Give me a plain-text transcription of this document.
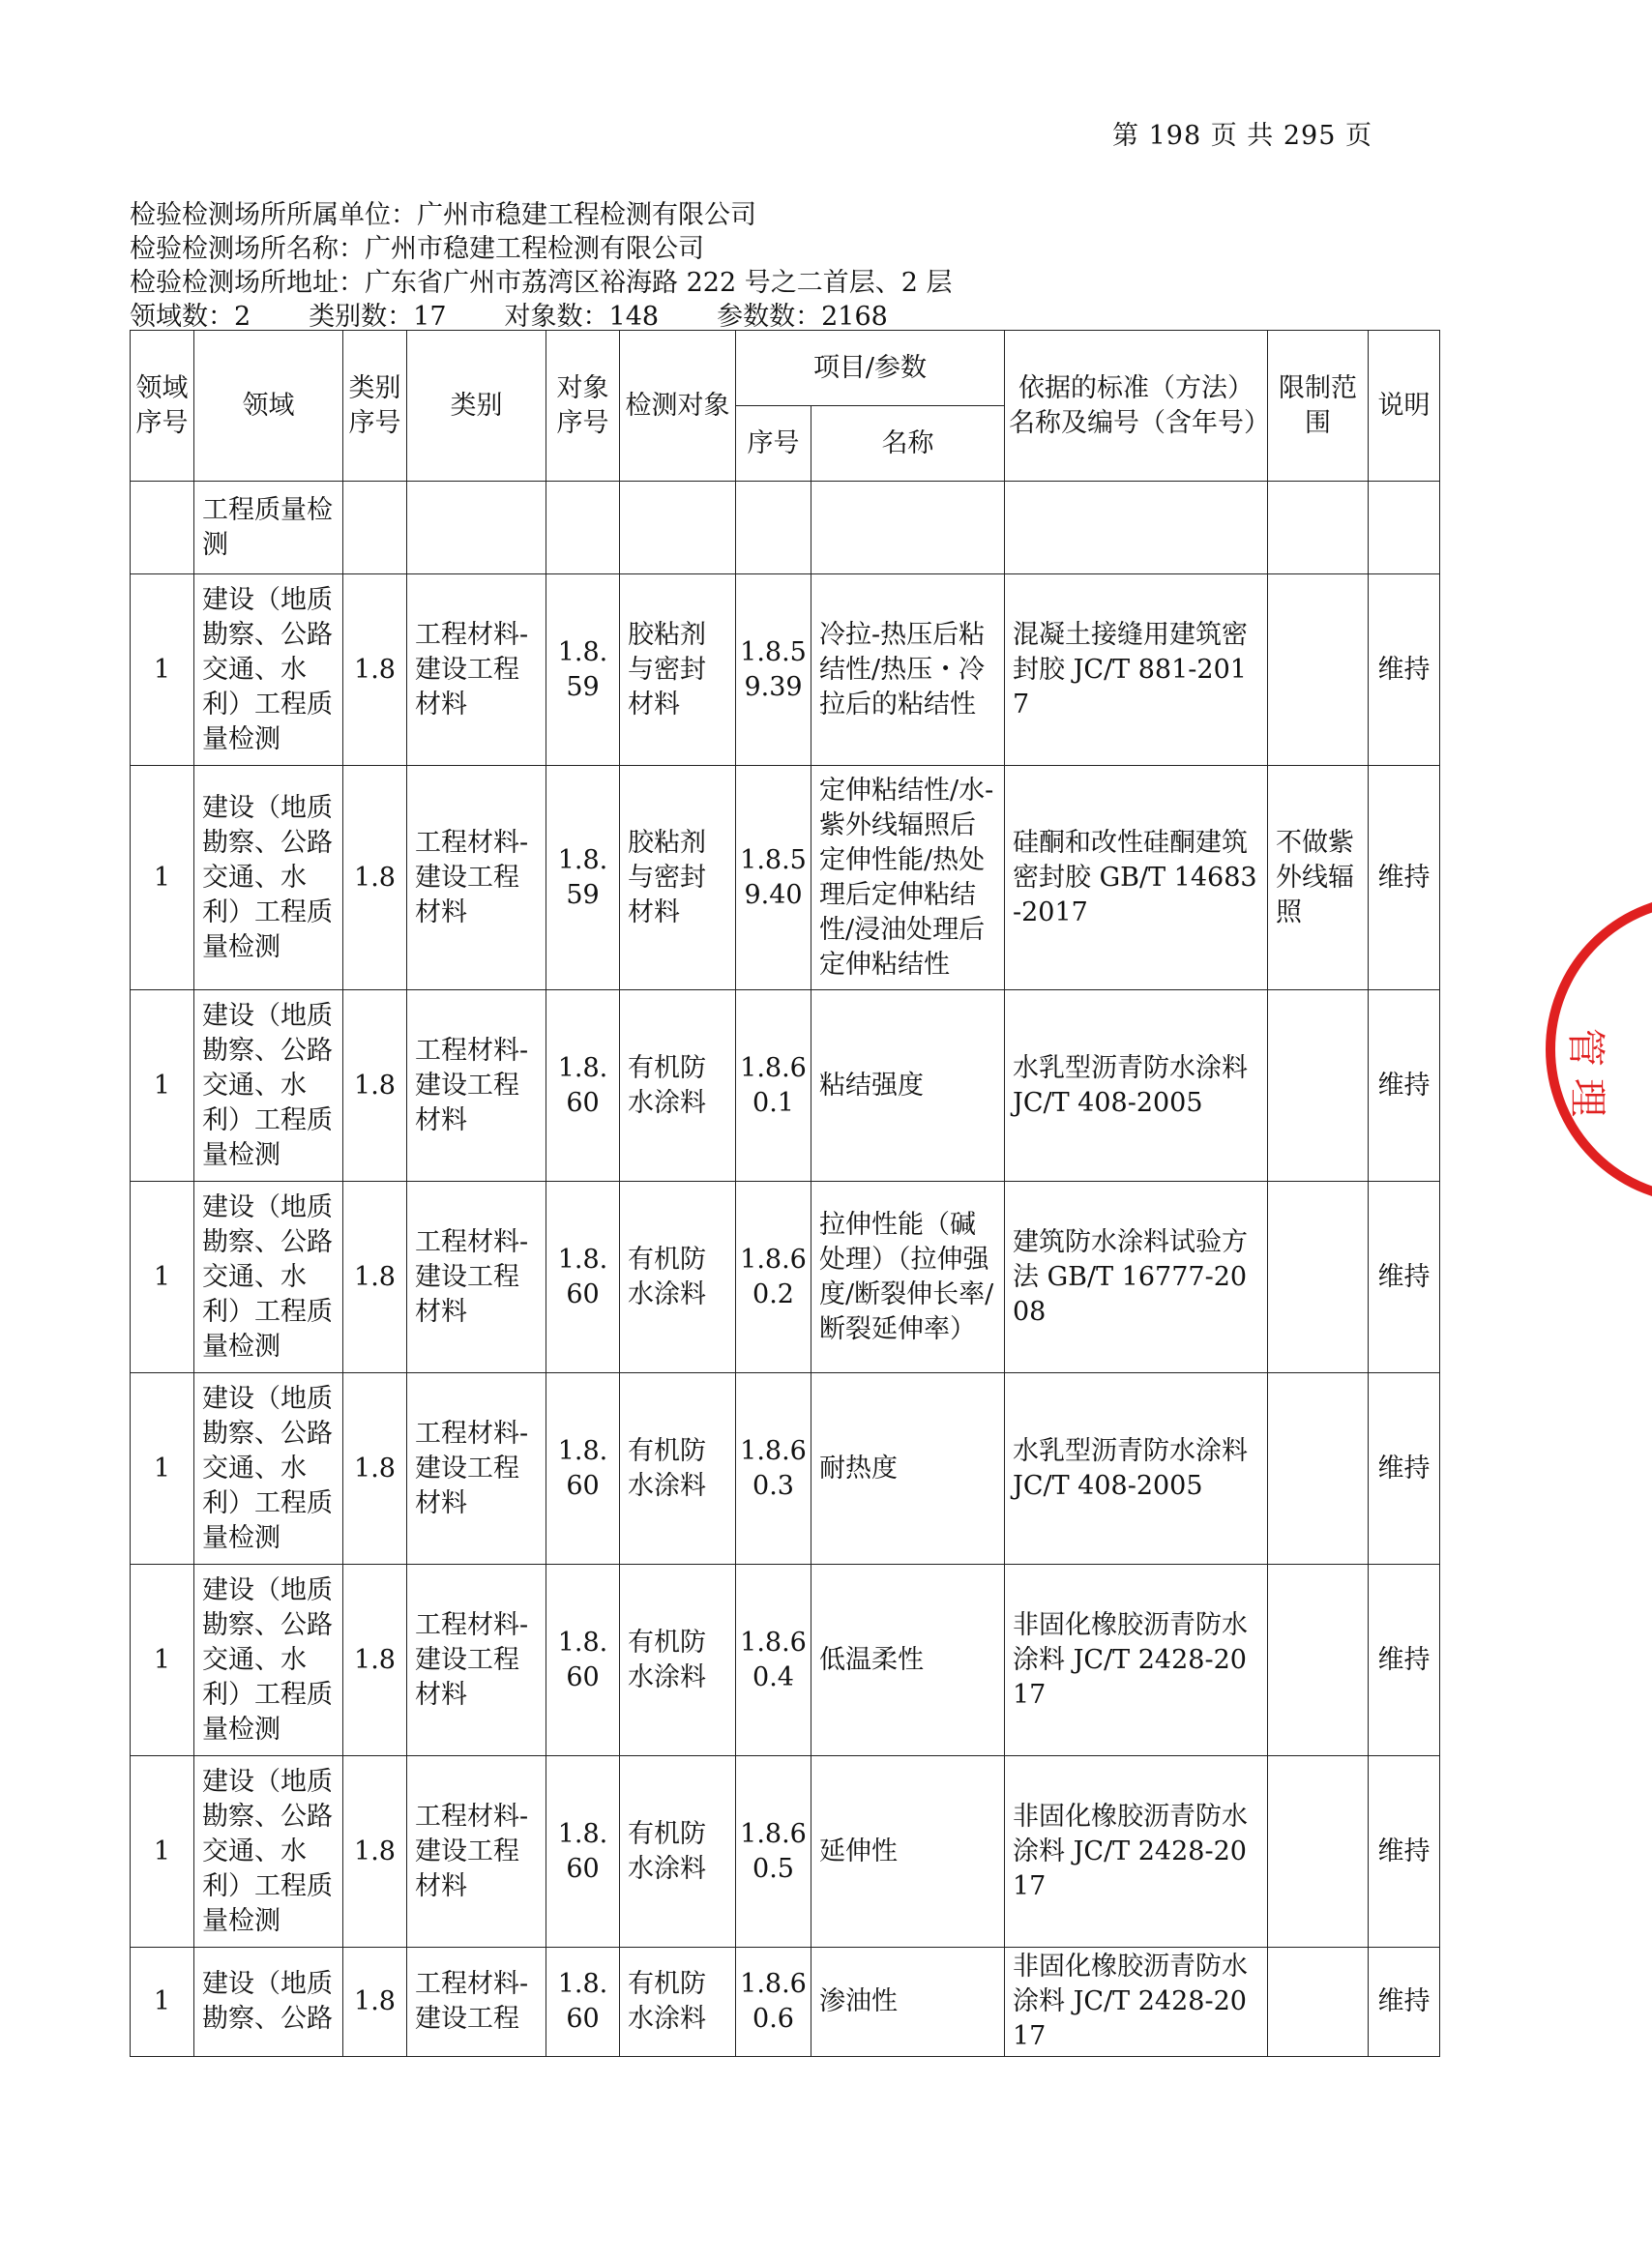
第 198 页 共 295 页
检验检测场所所属单位：广州市稳建工程检测有限公司
检验检测场所名称：广州市稳建工程检测有限公司
检验检测场所地址：广东省广州市荔湾区裕海路 222 号之二首层、2 层
领域数：2 类别数：17 对象数：148 参数数：2168
领域序号	领域	类别序号	类别	对象序号	检测对象	项目/参数		依据的标准（方法）名称及编号（含年号）	限制范围	说明
						序号	名称			
	工程质量检测									
1	建设（地质勘察、公路交通、水利）工程质量检测	1.8	工程材料-建设工程材料	1.8.59	胶粘剂与密封材料	1.8.59.39	冷拉-热压后粘结性/热压・冷拉后的粘结性	混凝土接缝用建筑密封胶 JC/T 881-2017		维持
1	建设（地质勘察、公路交通、水利）工程质量检测	1.8	工程材料-建设工程材料	1.8.59	胶粘剂与密封材料	1.8.59.40	定伸粘结性/水-紫外线辐照后定伸性能/热处理后定伸粘结性/浸油处理后定伸粘结性	硅酮和改性硅酮建筑密封胶 GB/T 14683-2017	不做紫外线辐照	维持
1	建设（地质勘察、公路交通、水利）工程质量检测	1.8	工程材料-建设工程材料	1.8.60	有机防水涂料	1.8.60.1	粘结强度	水乳型沥青防水涂料 JC/T 408-2005		维持
1	建设（地质勘察、公路交通、水利）工程质量检测	1.8	工程材料-建设工程材料	1.8.60	有机防水涂料	1.8.60.2	拉伸性能（碱处理）（拉伸强度/断裂伸长率/断裂延伸率）	建筑防水涂料试验方法 GB/T 16777-2008		维持
1	建设（地质勘察、公路交通、水利）工程质量检测	1.8	工程材料-建设工程材料	1.8.60	有机防水涂料	1.8.60.3	耐热度	水乳型沥青防水涂料 JC/T 408-2005		维持
1	建设（地质勘察、公路交通、水利）工程质量检测	1.8	工程材料-建设工程材料	1.8.60	有机防水涂料	1.8.60.4	低温柔性	非固化橡胶沥青防水涂料 JC/T 2428-2017		维持
1	建设（地质勘察、公路交通、水利）工程质量检测	1.8	工程材料-建设工程材料	1.8.60	有机防水涂料	1.8.60.5	延伸性	非固化橡胶沥青防水涂料 JC/T 2428-2017		维持
1	建设（地质勘察、公路	1.8	工程材料-建设工程	1.8.60	有机防水涂料	1.8.60.6	渗油性	非固化橡胶沥青防水涂料 JC/T 2428-2017		维持
管
理
